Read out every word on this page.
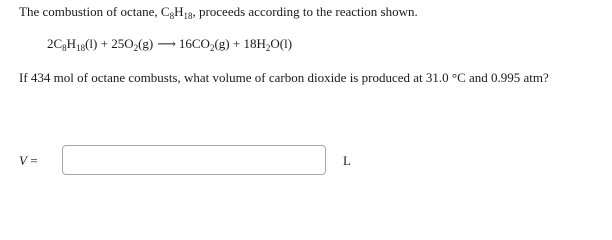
The combustion of octane, $C_8H_{18}$, proceeds according to the reaction shown.
$2C_8H_{18}(l) + 25O_2(g)$ ⟶ $16CO_2(g) + 18H_2O(l)$
If 434 mol of octane combusts, what volume of carbon dioxide is produced at 31.0 °C and 0.995 atm?
V =	L
